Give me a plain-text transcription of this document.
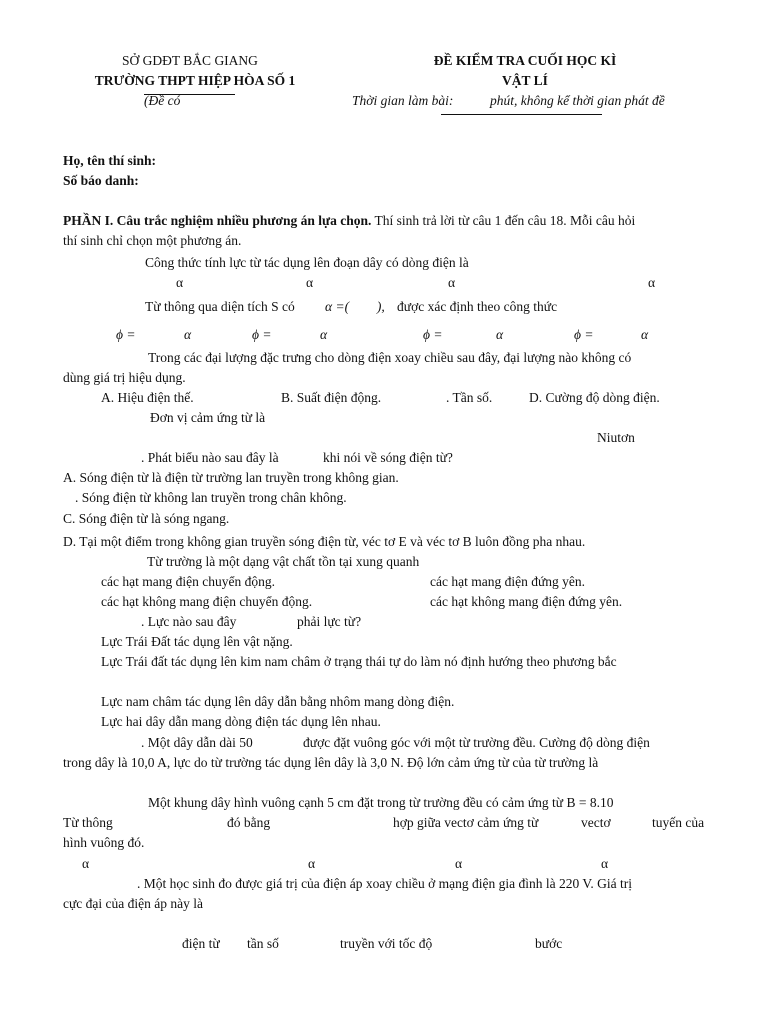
SỞ GDĐT BẮC GIANG
TRƯỜNG THPT HIỆP HÒA SỐ 1
(Đề có
ĐỀ KIỂM TRA CUỐI HỌC KÌ
VẬT LÍ
Thời gian làm bài:	phút, không kể thời gian phát đề
Họ, tên thí sinh:
Số báo danh:
PHẦN I. Câu trắc nghiệm nhiều phương án lựa chọn. Thí sinh trả lời từ câu 1 đến câu 18. Mỗi câu hỏi
thí sinh chỉ chọn một phương án.
Công thức tính lực từ tác dụng lên đoạn dây có dòng điện là
α	α	α	α
Từ thông qua diện tích S có α =(⃗ ⃗ ), được xác định theo công thức
ϕ =	α	ϕ =	α	ϕ =	α	ϕ =	α
Trong các đại lượng đặc trưng cho dòng điện xoay chiều sau đây, đại lượng nào không có
dùng giá trị hiệu dụng.
A. Hiệu điện thế.	B. Suất điện động.	. Tần số.	D. Cường độ dòng điện.
Đơn vị cảm ứng từ là
Niutơn
. Phát biểu nào sau đây là	khi nói về sóng điện từ?
A. Sóng điện từ là điện từ trường lan truyền trong không gian.
. Sóng điện từ không lan truyền trong chân không.
C. Sóng điện từ là sóng ngang.
D. Tại một điểm trong không gian truyền sóng điện từ, véc tơ E và véc tơ B luôn đồng pha nhau.
Từ trường là một dạng vật chất tồn tại xung quanh
các hạt mang điện chuyển động.	các hạt mang điện đứng yên.
các hạt không mang điện chuyển động.	các hạt không mang điện đứng yên.
. Lực nào sau đây	phải lực từ?
Lực Trái Đất tác dụng lên vật nặng.
Lực Trái đất tác dụng lên kim nam châm ở trạng thái tự do làm nó định hướng theo phương bắc
Lực nam châm tác dụng lên dây dẫn bằng nhôm mang dòng điện.
Lực hai dây dẫn mang dòng điện tác dụng lên nhau.
. Một dây dẫn dài 50	được đặt vuông góc với một từ trường đều. Cường độ dòng điện
trong dây là 10,0 A, lực do từ trường tác dụng lên dây là 3,0 N. Độ lớn cảm ứng từ của từ trường là
Một khung dây hình vuông cạnh 5 cm đặt trong từ trường đều có cảm ứng từ B = 8.10
Từ thông	đó bằng	hợp giữa vectơ cảm ứng từ	vectơ	tuyến của
hình vuông đó.
α	α	α	α
. Một học sinh đo được giá trị của điện áp xoay chiều ở mạng điện gia đình là 220 V. Giá trị
cực đại của điện áp này là
điện từ tần số	truyền với tốc độ	bước
